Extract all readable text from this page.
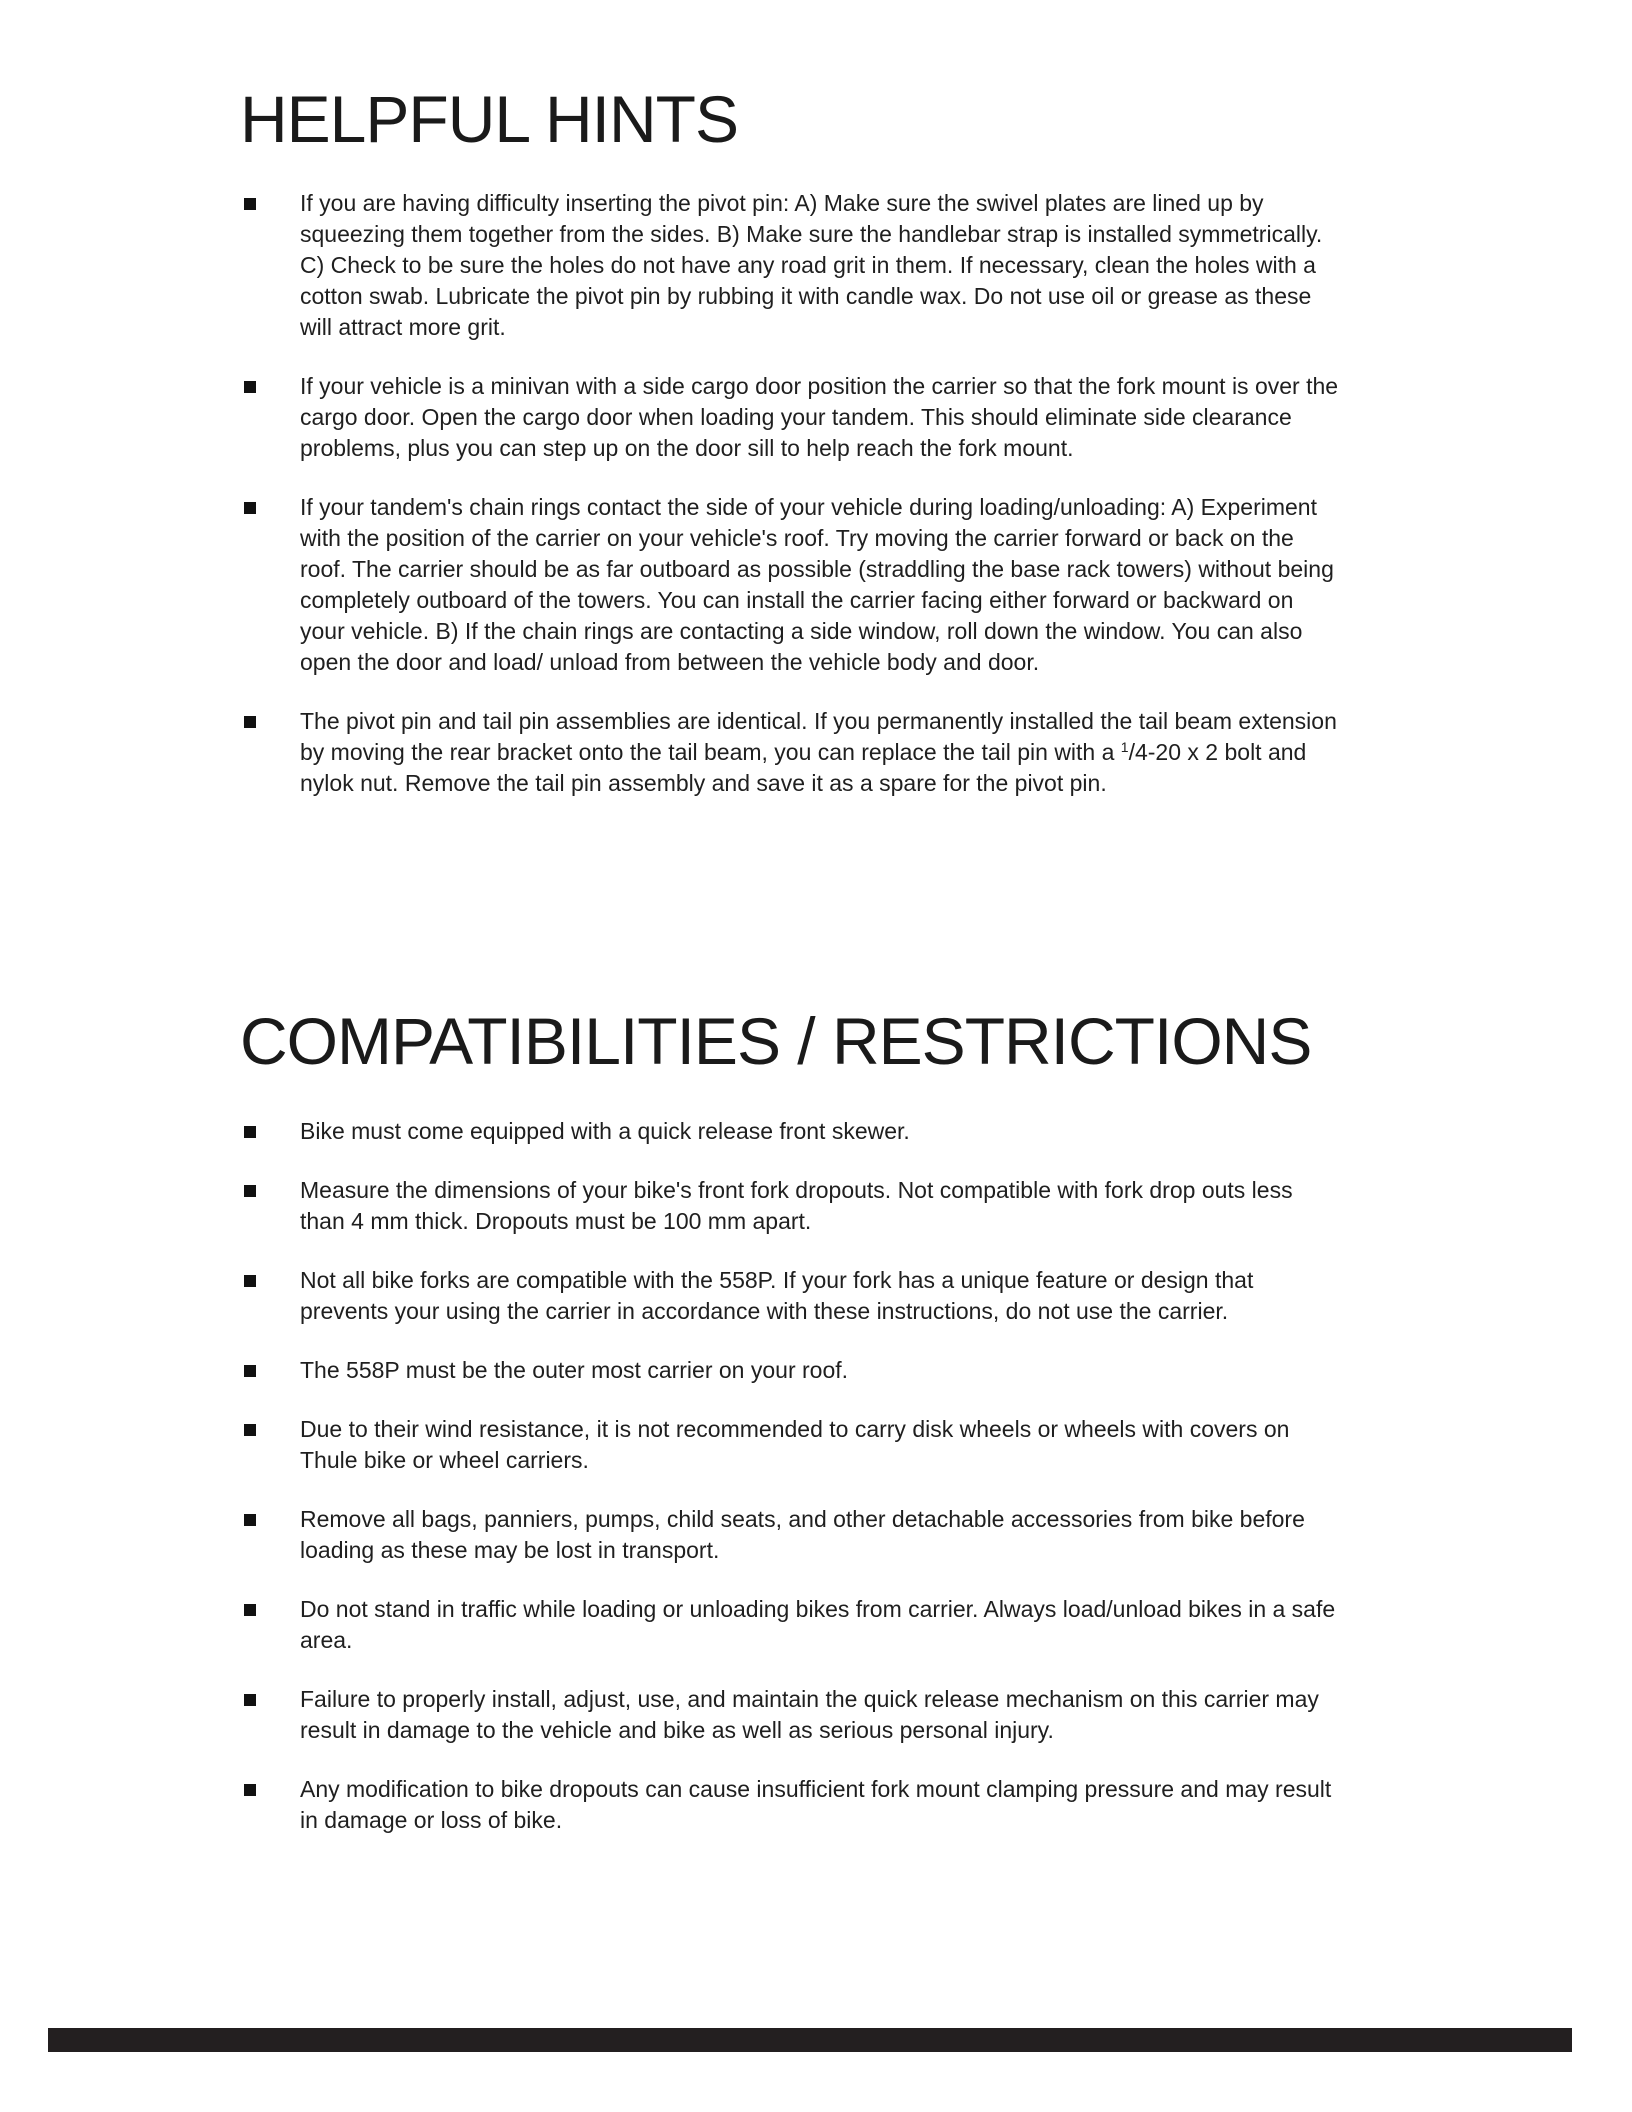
HELPFUL HINTS
If you are having difficulty inserting the pivot pin: A) Make sure the swivel plates are lined up by squeezing them together from the sides. B) Make sure the handlebar strap is installed symmetrically. C) Check to be sure the holes do not have any road grit in them. If necessary, clean the holes with a cotton swab. Lubricate the pivot pin by rubbing it with candle wax. Do not use oil or grease as these will attract more grit.
If your vehicle is a minivan with a side cargo door position the carrier so that the fork mount is over the cargo door. Open the cargo door when loading your tandem. This should eliminate side clearance problems, plus you can step up on the door sill to help reach the fork mount.
If your tandem's chain rings contact the side of your vehicle during loading/unloading: A) Experiment with the position of the carrier on your vehicle's roof. Try moving the carrier forward or back on the roof. The carrier should be as far outboard as possible (straddling the base rack towers) without being completely outboard of the towers. You can install the carrier facing either forward or backward on your vehicle. B) If the chain rings are contacting a side window, roll down the window. You can also open the door and load/ unload from between the vehicle body and door.
The pivot pin and tail pin assemblies are identical. If you permanently installed the tail beam extension by moving the rear bracket onto the tail beam, you can replace the tail pin with a $^1$/4-20 x 2 bolt and nylok nut. Remove the tail pin assembly and save it as a spare for the pivot pin.
COMPATIBILITIES / RESTRICTIONS
Bike must come equipped with a quick release front skewer.
Measure the dimensions of your bike's front fork dropouts. Not compatible with fork drop outs less than 4 mm thick. Dropouts must be 100 mm apart.
Not all bike forks are compatible with the 558P. If your fork has a unique feature or design that prevents your using the carrier in accordance with these instructions, do not use the carrier.
The 558P must be the outer most carrier on your roof.
Due to their wind resistance, it is not recommended to carry disk wheels or wheels with covers on Thule bike or wheel carriers.
Remove all bags, panniers, pumps, child seats, and other detachable accessories from bike before loading as these may be lost in transport.
Do not stand in traffic while loading or unloading bikes from carrier. Always load/unload bikes in a safe area.
Failure to properly install, adjust, use, and maintain the quick release mechanism on this carrier may result in damage to the vehicle and bike as well as serious personal injury.
Any modification to bike dropouts can cause insufficient fork mount clamping pressure and may result in damage or loss of bike.
